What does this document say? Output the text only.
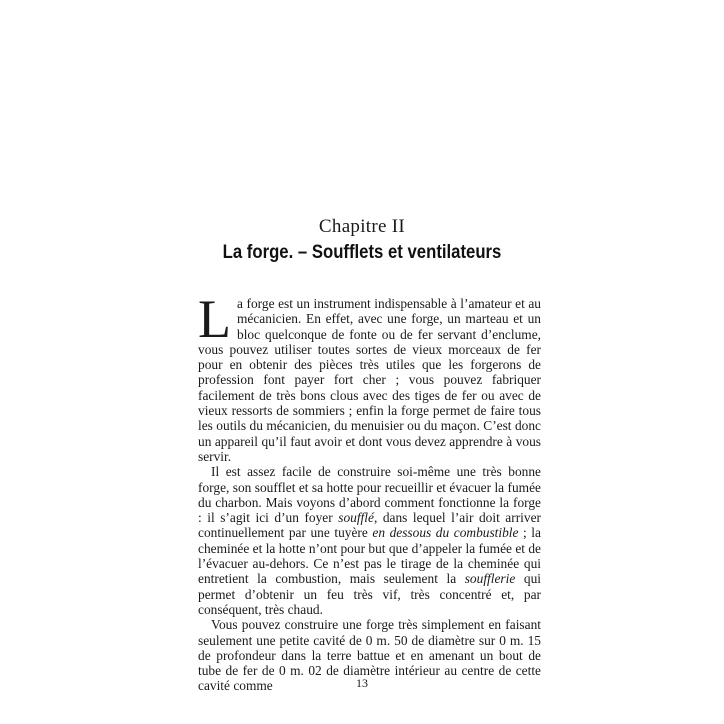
Chapitre II
La forge. – Soufflets et ventilateurs

La forge est un instrument indispensable à l’amateur et au mécanicien. En effet, avec une forge, un marteau et un bloc quelconque de fonte ou de fer servant d’enclume, vous pouvez utiliser toutes sortes de vieux morceaux de fer pour en obtenir des pièces très utiles que les forgerons de profession font payer fort cher ; vous pouvez fabriquer facilement de très bons clous avec des tiges de fer ou avec de vieux ressorts de sommiers ; enfin la forge permet de faire tous les outils du mécanicien, du menuisier ou du maçon. C’est donc un appareil qu’il faut avoir et dont vous devez apprendre à vous servir.

Il est assez facile de construire soi-même une très bonne forge, son soufflet et sa hotte pour recueillir et évacuer la fumée du charbon. Mais voyons d’abord comment fonctionne la forge : il s’agit ici d’un foyer soufflé, dans lequel l’air doit arriver continuellement par une tuyère en dessous du combustible ; la cheminée et la hotte n’ont pour but que d’appeler la fumée et de l’évacuer au-dehors. Ce n’est pas le tirage de la cheminée qui entretient la combustion, mais seulement la soufflerie qui permet d’obtenir un feu très vif, très concentré et, par conséquent, très chaud.

Vous pouvez construire une forge très simplement en faisant seulement une petite cavité de 0 m. 50 de diamètre sur 0 m. 15 de profondeur dans la terre battue et en amenant un bout de tube de fer de 0 m. 02 de diamètre intérieur au centre de cette cavité comme	13
